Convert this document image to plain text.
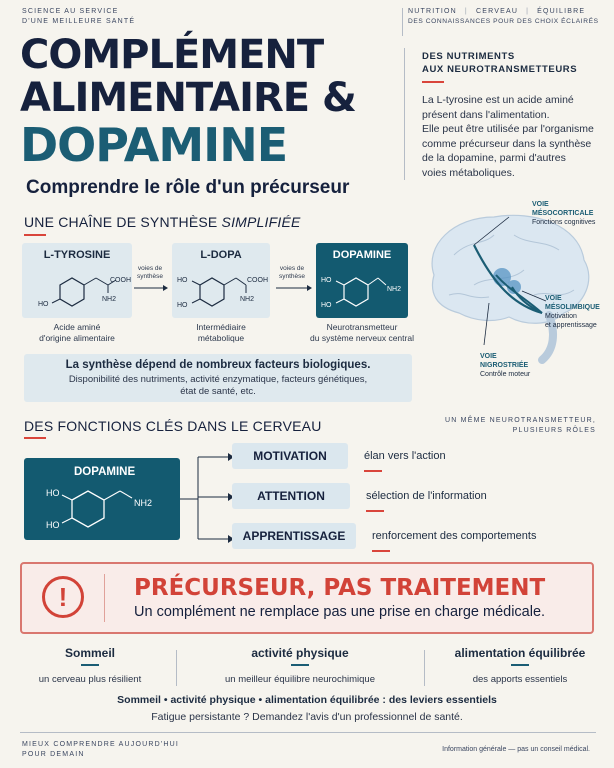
SCIENCE AU SERVICE
D'UNE MEILLEURE SANTÉ
NUTRITION | CERVEAU | ÉQUILIBRE
DES CONNAISSANCES POUR DES CHOIX ÉCLAIRÉS
COMPLÉMENT
ALIMENTAIRE &
DOPAMINE
Comprendre le rôle d'un précurseur
DES NUTRIMENTS
AUX NEUROTRANSMETTEURS
La L-tyrosine est un acide aminé
présent dans l'alimentation.
Elle peut être utilisée par l'organisme
comme précurseur dans la synthèse
de la dopamine, parmi d'autres
voies métaboliques.
UNE CHAÎNE DE SYNTHÈSE SIMPLIFIÉE
L-TYROSINE
COOH
NH2
HO
Acide aminé
d'origine alimentaire
voies de
synthèse
L-DOPA
HO	COOH
HO
NH2
Intermédiaire
métabolique
voies de
synthèse
DOPAMINE
HO
NH2
HO
Neurotransmetteur
du système nerveux central
La synthèse dépend de nombreux facteurs biologiques.
Disponibilité des nutriments, activité enzymatique, facteurs génétiques,
état de santé, etc.
VOIE
MÉSOCORTICALE
Fonctions cognitives
VOIE
MÉSOLIMBIQUE
Motivation
et apprentissage
VOIE
NIGROSTRIÉE
Contrôle moteur
DES FONCTIONS CLÉS DANS LE CERVEAU	UN MÊME NEUROTRANSMETTEUR,
PLUSIEURS RÔLES
DOPAMINE
HO
HO
NH2
MOTIVATION	élan vers l'action
ATTENTION	sélection de l'information
APPRENTISSAGE	renforcement des comportements
!	PRÉCURSEUR, PAS TRAITEMENT
Un complément ne remplace pas une prise en charge médicale.
Sommeil
un cerveau plus résilient
activité physique
un meilleur équilibre neurochimique
alimentation équilibrée
des apports essentiels
Sommeil • activité physique • alimentation équilibrée : des leviers essentiels
Fatigue persistante ? Demandez l'avis d'un professionnel de santé.
MIEUX COMPRENDRE AUJOURD'HUI
POUR DEMAIN
Information générale — pas un conseil médical.
